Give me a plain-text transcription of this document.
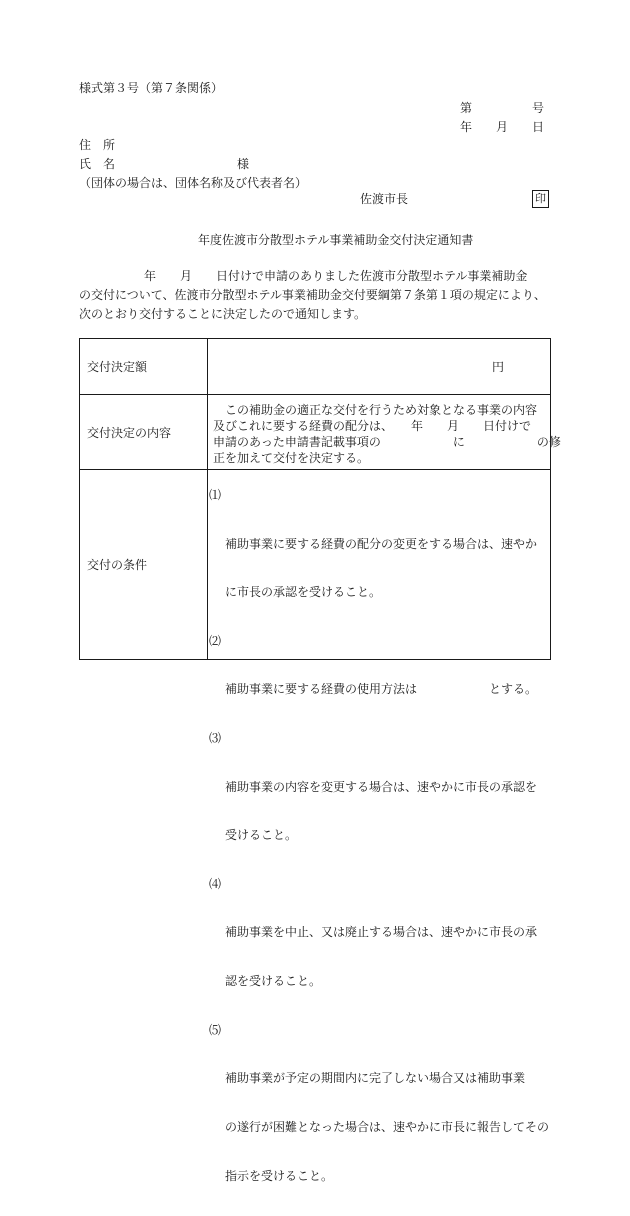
様式第３号（第７条関係）
第　　　　　号
年　　月　　日
住　所
氏　名	様
（団体の場合は、団体名称及び代表者名）
佐渡市長	印
年度佐渡市分散型ホテル事業補助金交付決定通知書
年　　月　　日付けで申請のありました佐渡市分散型ホテル事業補助金
の交付について、佐渡市分散型ホテル事業補助金交付要綱第７条第１項の規定により、
次のとおり交付することに決定したので通知します。
交付決定額	円
交付決定の内容
　この補助金の適正な交付を行うため対象となる事業の内容
及びこれに要する経費の配分は、　　年　　月　　日付けで
申請のあった申請書記載事項の　　　　　　に　　　　　　の修
正を加えて交付を決定する。
交付の条件

⑴

補助事業に要する経費の配分の変更をする場合は、速やか

に市長の承認を受けること。

⑵

補助事業に要する経費の使用方法は　　　　　　とする。

⑶

補助事業の内容を変更する場合は、速やかに市長の承認を

受けること。

⑷

補助事業を中止、又は廃止する場合は、速やかに市長の承

認を受けること。

⑸

補助事業が予定の期間内に完了しない場合又は補助事業

の遂行が困難となった場合は、速やかに市長に報告してその

指示を受けること。
